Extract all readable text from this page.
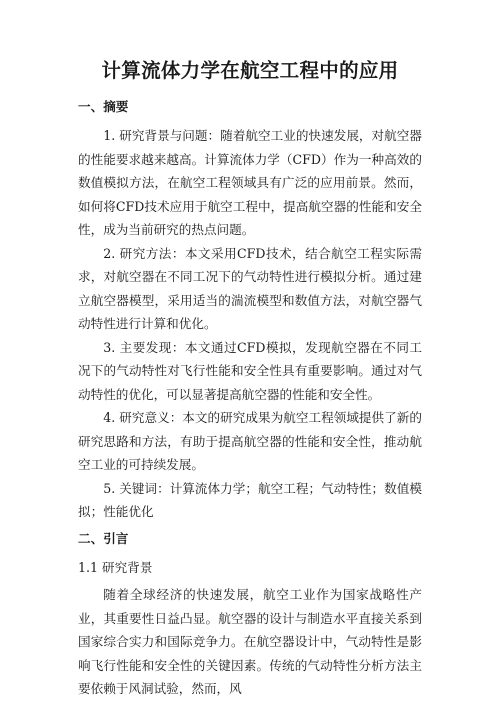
计算流体力学在航空工程中的应用
一、摘要

1. 研究背景与问题：随着航空工业的快速发展，对航空器的性能要求越来越高。计算流体力学（CFD）作为一种高效的数值模拟方法，在航空工程领域具有广泛的应用前景。然而，如何将CFD技术应用于航空工程中，提高航空器的性能和安全性，成为当前研究的热点问题。

2. 研究方法：本文采用CFD技术，结合航空工程实际需求，对航空器在不同工况下的气动特性进行模拟分析。通过建立航空器模型，采用适当的湍流模型和数值方法，对航空器气动特性进行计算和优化。

3. 主要发现：本文通过CFD模拟，发现航空器在不同工况下的气动特性对飞行性能和安全性具有重要影响。通过对气动特性的优化，可以显著提高航空器的性能和安全性。

4. 研究意义：本文的研究成果为航空工程领域提供了新的研究思路和方法，有助于提高航空器的性能和安全性，推动航空工业的可持续发展。

5. 关键词：计算流体力学；航空工程；气动特性；数值模拟；性能优化

二、引言

1.1 研究背景

随着全球经济的快速发展，航空工业作为国家战略性产业，其重要性日益凸显。航空器的设计与制造水平直接关系到国家综合实力和国际竞争力。在航空器设计中，气动特性是影响飞行性能和安全性的关键因素。传统的气动特性分析方法主要依赖于风洞试验，然而，风
